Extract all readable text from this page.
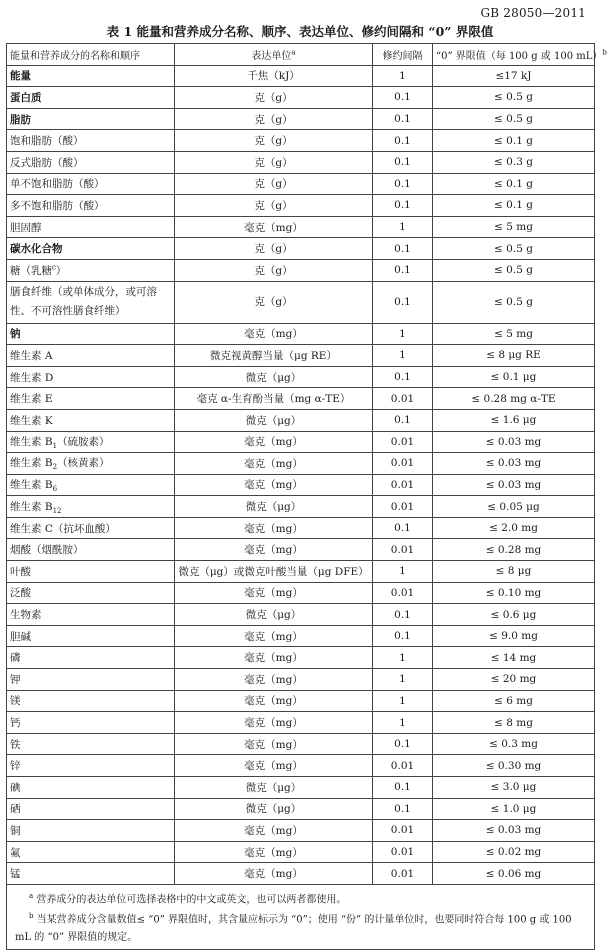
GB 28050—2011
表 1 能量和营养成分名称、顺序、表达单位、修约间隔和 “0” 界限值
能量和营养成分的名称和顺序	表达单位$^a$	修约间隔	“0” 界限值（每 100 g 或 100 mL）$^b$
能量	千焦（kJ）	1	≤17 kJ
蛋白质	克（g）	0.1	≤ 0.5 g
脂肪	克（g）	0.1	≤ 0.5 g
饱和脂肪（酸）	克（g）	0.1	≤ 0.1 g
反式脂肪（酸）	克（g）	0.1	≤ 0.3 g
单不饱和脂肪（酸）	克（g）	0.1	≤ 0.1 g
多不饱和脂肪（酸）	克（g）	0.1	≤ 0.1 g
胆固醇	毫克（mg）	1	≤ 5 mg
碳水化合物	克（g）	0.1	≤ 0.5 g
糖（乳糖$^c$）	克（g）	0.1	≤ 0.5 g
膳食纤维（或单体成分，或可溶性、不可溶性膳食纤维）	克（g）	0.1	≤ 0.5 g
钠	毫克（mg）	1	≤ 5 mg
维生素 A	微克视黄醇当量（μg RE）	1	≤ 8 μg RE
维生素 D	微克（μg）	0.1	≤ 0.1 μg
维生素 E	毫克 α-生育酚当量（mg α-TE）	0.01	≤ 0.28 mg α-TE
维生素 K	微克（μg）	0.1	≤ 1.6 μg
维生素 $B_1$（硫胺素）	毫克（mg）	0.01	≤ 0.03 mg
维生素 $B_2$（核黄素）	毫克（mg）	0.01	≤ 0.03 mg
维生素 $B_6$	毫克（mg）	0.01	≤ 0.03 mg
维生素 $B_{12}$	微克（μg）	0.01	≤ 0.05 μg
维生素 C（抗坏血酸）	毫克（mg）	0.1	≤ 2.0 mg
烟酸（烟酰胺）	毫克（mg）	0.01	≤ 0.28 mg
叶酸	微克（μg）或微克叶酸当量（μg DFE）	1	≤ 8 μg
泛酸	毫克（mg）	0.01	≤ 0.10 mg
生物素	微克（μg）	0.1	≤ 0.6 μg
胆碱	毫克（mg）	0.1	≤ 9.0 mg
磷	毫克（mg）	1	≤ 14 mg
钾	毫克（mg）	1	≤ 20 mg
镁	毫克（mg）	1	≤ 6 mg
钙	毫克（mg）	1	≤ 8 mg
铁	毫克（mg）	0.1	≤ 0.3 mg
锌	毫克（mg）	0.01	≤ 0.30 mg
碘	微克（μg）	0.1	≤ 3.0 μg
硒	微克（μg）	0.1	≤ 1.0 μg
铜	毫克（mg）	0.01	≤ 0.03 mg
氟	毫克（mg）	0.01	≤ 0.02 mg
锰	毫克（mg）	0.01	≤ 0.06 mg

$^a$ 营养成分的表达单位可选择表格中的中文或英文，也可以两者都使用。
$^b$ 当某营养成分含量数值≤ “0” 界限值时，其含量应标示为 “0”；使用 “份” 的计量单位时，也要同时符合每 100 g 或 100 mL 的 “0” 界限值的规定。			
